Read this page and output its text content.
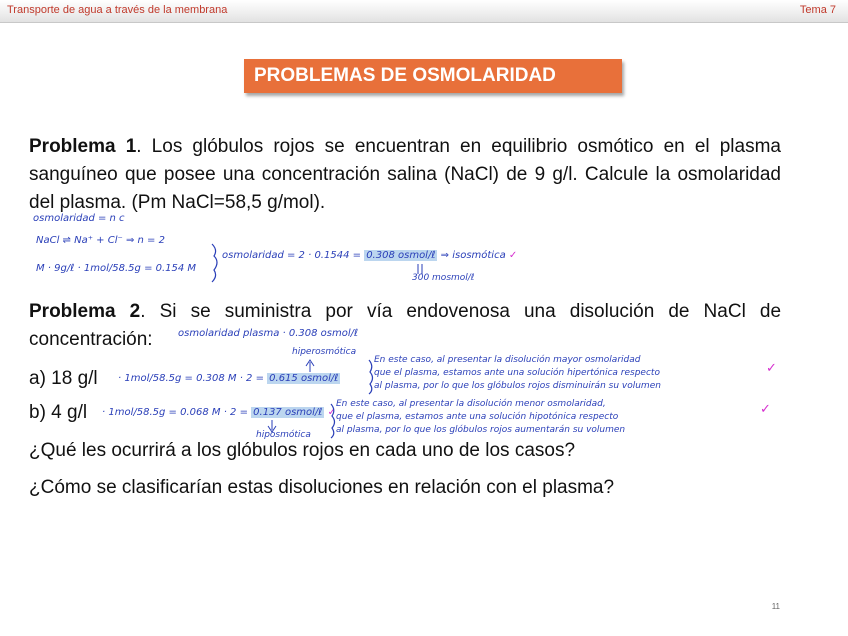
Transporte de agua a través de la membrana	Tema 7
PROBLEMAS DE OSMOLARIDAD
Problema 1. Los glóbulos rojos se encuentran en equilibrio osmótico en el plasma sanguíneo que posee una concentración salina (NaCl) de 9 g/l. Calcule la osmolaridad del plasma. (Pm NaCl=58,5 g/mol).
osmolaridad = n c
NaCl ⇌ Na⁺ + Cl⁻ ⇒ n = 2
M · 9g/ℓ · 1mol/58.5g = 0.154 M
osmolaridad = 2 · 0.1544 = 0.308 osmol/ℓ ⇒ isosmótica ✓
300 mosmol/ℓ
Problema 2. Si se suministra por vía endovenosa una disolución de NaCl de concentración:	osmolaridad plasma · 0.308 osmol/ℓ
a) 18 g/l
hiperosmótica
· 1mol/58.5g = 0.308 M · 2 = 0.615 osmol/ℓ
En este caso, al presentar la disolución mayor osmolaridad
que el plasma, estamos ante una solución hipertónica respecto
al plasma, por lo que los glóbulos rojos disminuirán su volumen
✓
b) 4 g/l · 1mol/58.5g = 0.068 M · 2 = 0.137 osmol/ℓ ✓
hiposmótica
En este caso, al presentar la disolución menor osmolaridad,
que el plasma, estamos ante una solución hipotónica respecto
al plasma, por lo que los glóbulos rojos aumentarán su volumen
✓
¿Qué les ocurrirá a los glóbulos rojos en cada uno de los casos?
¿Cómo se clasificarían estas disoluciones en relación con el plasma?
11
